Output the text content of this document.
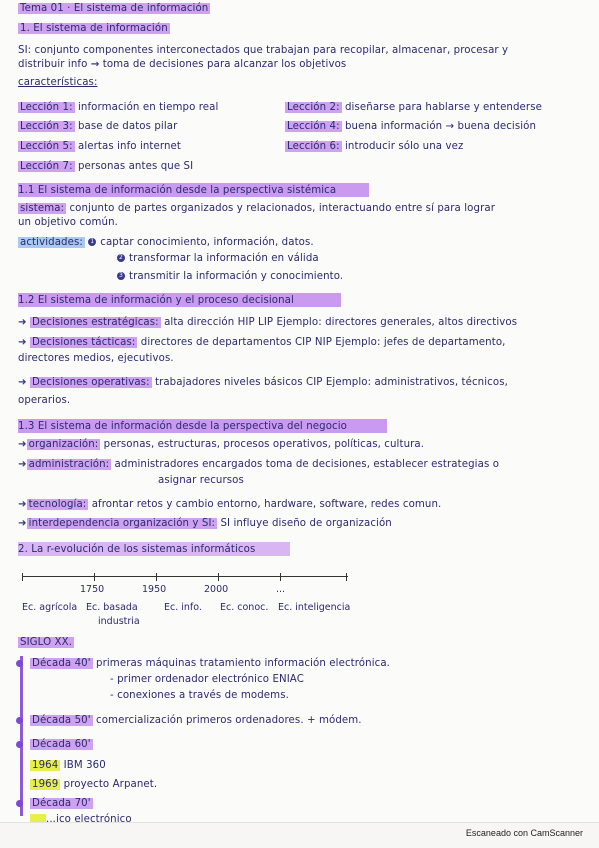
Tema 01 · El sistema de información
1. El sistema de información
SI: conjunto componentes interconectados que trabajan para recopilar, almacenar, procesar y
distribuir info → toma de decisiones para alcanzar los objetivos
características:
Lección 1: información en tiempo real	Lección 2: diseñarse para hablarse y entenderse
Lección 3: base de datos pilar	Lección 4: buena información → buena decisión
Lección 5: alertas info internet	Lección 6: introducir sólo una vez
Lección 7: personas antes que SI
1.1 El sistema de información desde la perspectiva sistémica
sistema: conjunto de partes organizados y relacionados, interactuando entre sí para lograr
un objetivo común.
actividades: 1 captar conocimiento, información, datos.
2 transformar la información en válida
3 transmitir la información y conocimiento.
1.2 El sistema de información y el proceso decisional
➜ Decisiones estratégicas: alta dirección HIP LIP Ejemplo: directores generales, altos directivos
➜ Decisiones tácticas: directores de departamentos CIP NIP Ejemplo: jefes de departamento,
directores medios, ejecutivos.
➜ Decisiones operativas: trabajadores niveles básicos CIP Ejemplo: administrativos, técnicos,
operarios.
1.3 El sistema de información desde la perspectiva del negocio
➜ organización: personas, estructuras, procesos operativos, políticas, cultura.
➜ administración: administradores encargados toma de decisiones, establecer estrategias o
asignar recursos
➜ tecnología: afrontar retos y cambio entorno, hardware, software, redes comun.
➜ interdependencia organización y SI: SI influye diseño de organización
2. La r-evolución de los sistemas informáticos
1750	1950	2000	...
Ec. agrícola Ec. basada
industria
Ec. info. Ec. conoc. Ec. inteligencia
SIGLO XX.
Década 40' primeras máquinas tratamiento información electrónica.
- primer ordenador electrónico ENIAC
- conexiones a través de modems.
Década 50' comercialización primeros ordenadores. + módem.
Década 60'
1964 IBM 360
1969 proyecto Arpanet.
Década 70'
...ico electrónico
Escaneado con CamScanner
